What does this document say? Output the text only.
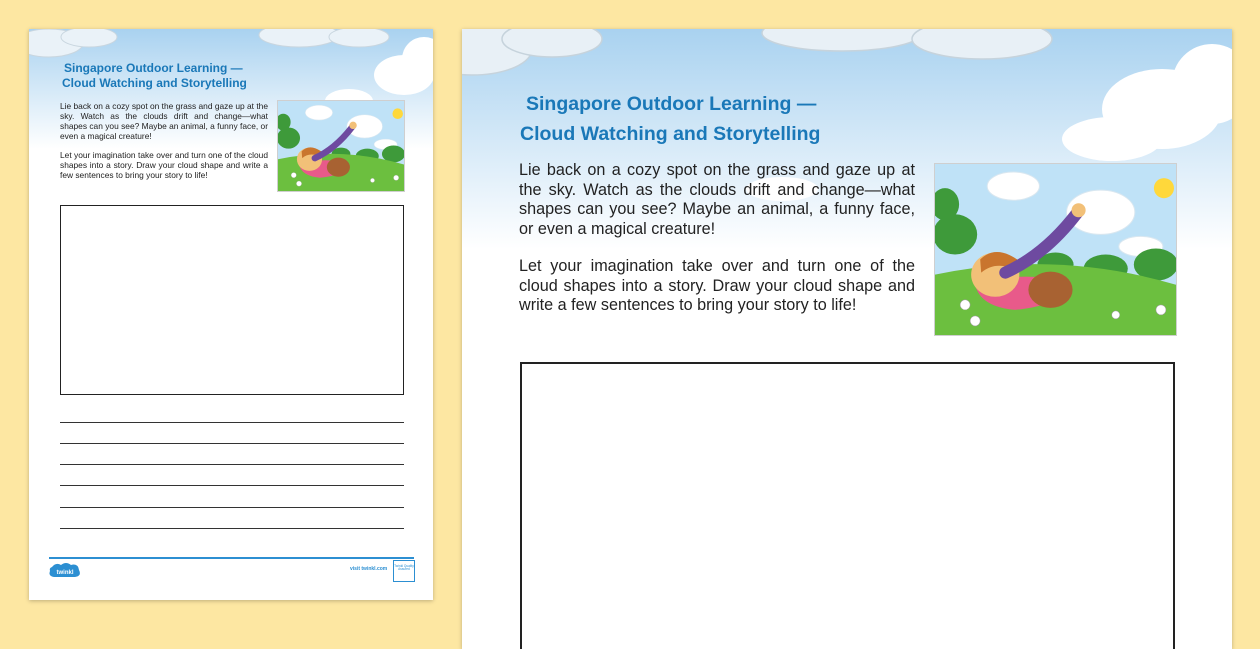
Singapore Outdoor Learning —
Cloud Watching and Storytelling

Lie back on a cozy spot on the grass and gaze up at the sky. Watch as the clouds drift and change—what shapes can you see? Maybe an animal, a funny face, or even a magical creature!

Let your imagination take over and turn one of the cloud shapes into a story. Draw your cloud shape and write a few sentences to bring your story to life!

twinkl
visit twinkl.com Twinkl Quality Assured
Singapore Outdoor Learning —
Cloud Watching and Storytelling

Lie back on a cozy spot on the grass and gaze up at the sky. Watch as the clouds drift and change—what shapes can you see? Maybe an animal, a funny face, or even a magical creature!

Let your imagination take over and turn one of the cloud shapes into a story. Draw your cloud shape and write a few sentences to bring your story to life!
